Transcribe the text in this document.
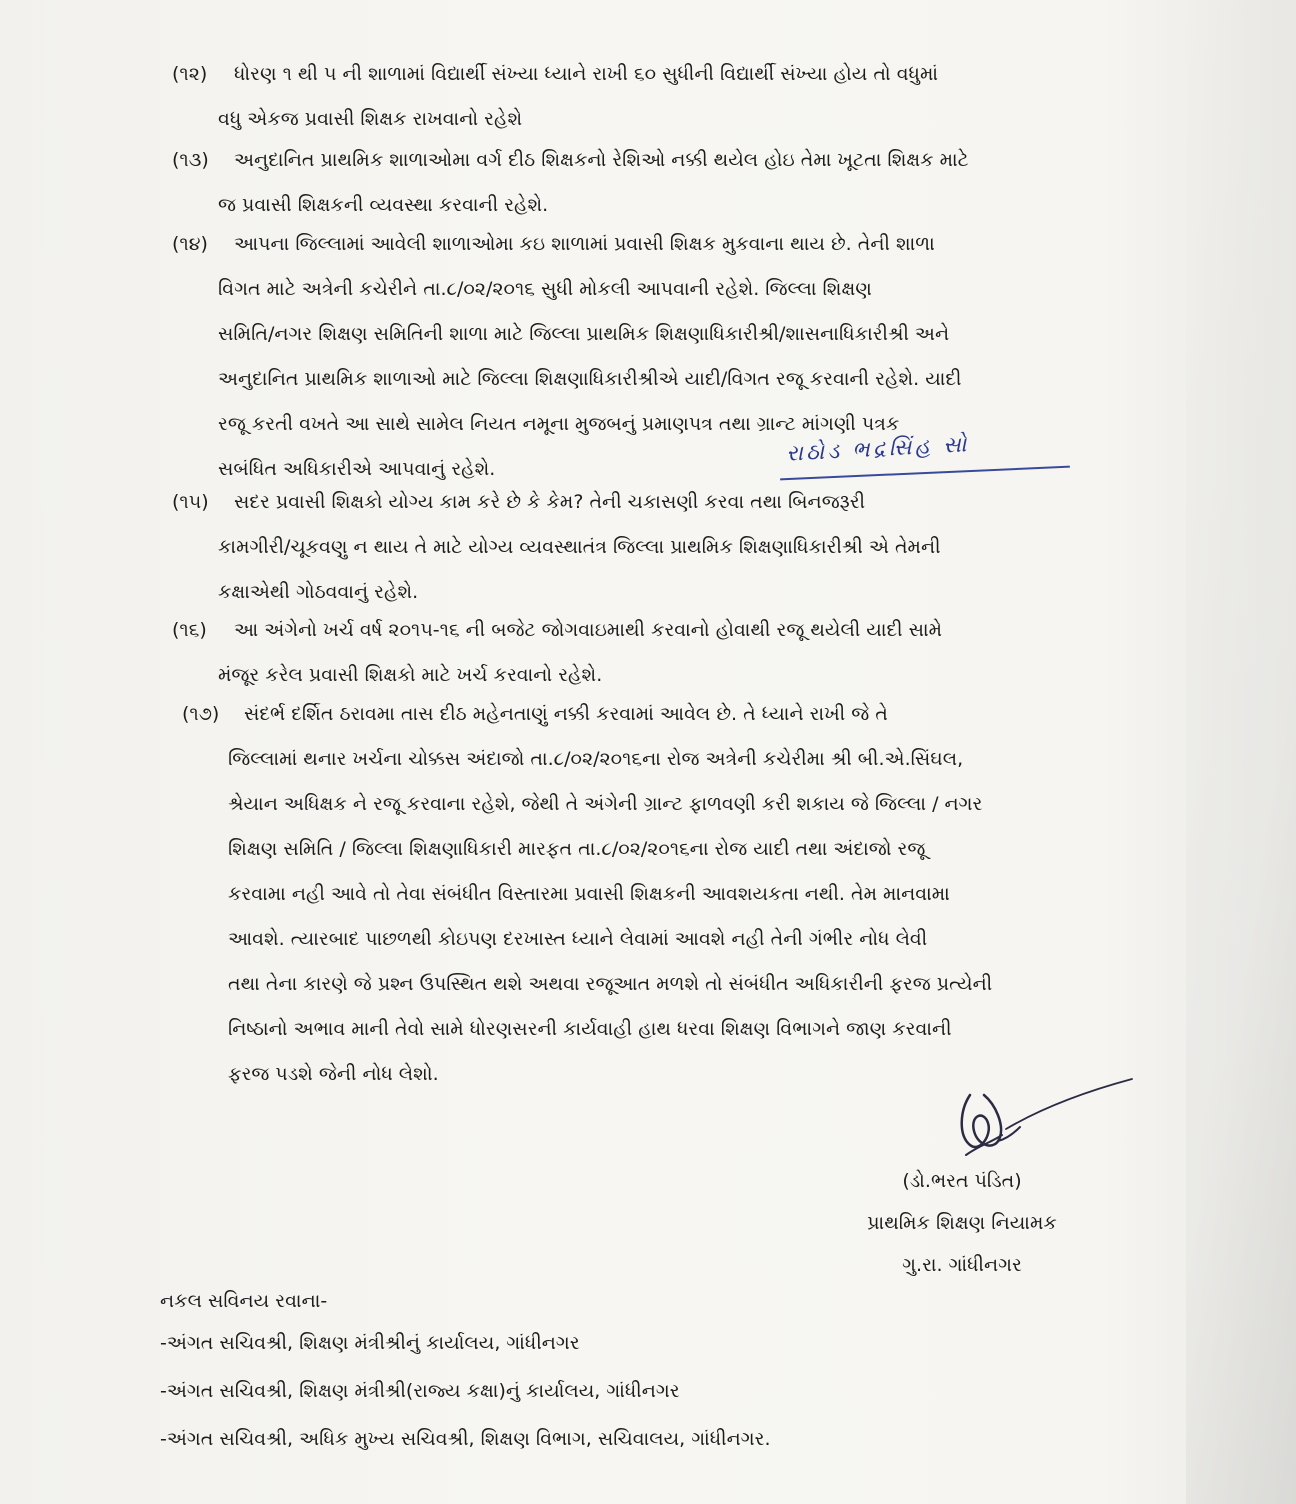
(૧૨) ધોરણ ૧ થી ૫ ની શાળામાં વિદ્યાર્થી સંખ્યા ધ્યાને રાખી ૬૦ સુધીની વિદ્યાર્થી સંખ્યા હોય તો વધુમાં
વધુ એકજ પ્રવાસી શિક્ષક રાખવાનો રહેશે
(૧૩) અનુદાનિત પ્રાથમિક શાળાઓમા વર્ગ દીઠ શિક્ષકનો રેશિઓ નક્કી થયેલ હોઇ તેમા ખૂટતા શિક્ષક માટે
જ પ્રવાસી શિક્ષકની વ્યવસ્થા કરવાની રહેશે.
(૧૪) આપના જિલ્લામાં આવેલી શાળાઓમા કઇ શાળામાં પ્રવાસી શિક્ષક મુકવાના થાય છે. તેની શાળા
વિગત માટે અત્રેની કચેરીને તા.૮/૦૨/૨૦૧૬ સુધી મોકલી આપવાની રહેશે. જિલ્લા શિક્ષણ
સમિતિ/નગર શિક્ષણ સમિતિની શાળા માટે જિલ્લા પ્રાથમિક શિક્ષણાધિકારીશ્રી/શાસનાધિકારીશ્રી અને
અનુદાનિત પ્રાથમિક શાળાઓ માટે જિલ્લા શિક્ષણાધિકારીશ્રીએ યાદી/વિગત રજૂ કરવાની રહેશે. યાદી
રજૂ કરતી વખતે આ સાથે સામેલ નિયત નમૂના મુજબનું પ્રમાણપત્ર તથા ગ્રાન્ટ માંગણી પત્રક
સબંધિત અધિકારીએ આપવાનું રહેશે.
રાઠોડ ભદ્રસિંહ સો
(૧૫) સદર પ્રવાસી શિક્ષકો યોગ્ય કામ કરે છે કે કેમ? તેની ચકાસણી કરવા તથા બિનજરૂરી
કામગીરી/ચૂકવણુ ન થાય તે માટે યોગ્ય વ્યવસ્થાતંત્ર જિલ્લા પ્રાથમિક શિક્ષણાધિકારીશ્રી એ તેમની
કક્ષાએથી ગોઠવવાનું રહેશે.
(૧૬) આ અંગેનો ખર્ચ વર્ષ ૨૦૧૫-૧૬ ની બજેટ જોગવાઇમાથી કરવાનો હોવાથી રજૂ થયેલી યાદી સામે
મંજૂર કરેલ પ્રવાસી શિક્ષકો માટે ખર્ચ કરવાનો રહેશે.
(૧૭) સંદર્ભ દર્શિત ઠરાવમા તાસ દીઠ મહેનતાણું નક્કી કરવામાં આવેલ છે. તે ધ્યાને રાખી જે તે
જિલ્લામાં થનાર ખર્ચના ચોક્કસ અંદાજો તા.૮/૦૨/૨૦૧૬ના રોજ અત્રેની કચેરીમા શ્રી બી.એ.સિંઘલ,
શ્રેયાન અધિક્ષક ને રજૂ કરવાના રહેશે, જેથી તે અંગેની ગ્રાન્ટ ફાળવણી કરી શકાય જે જિલ્લા / નગર
શિક્ષણ સમિતિ / જિલ્લા શિક્ષણાધિકારી મારફત તા.૮/૦૨/૨૦૧૬ના રોજ યાદી તથા અંદાજો રજૂ
કરવામા નહી આવે તો તેવા સંબંધીત વિસ્તારમા પ્રવાસી શિક્ષકની આવશયકતા નથી. તેમ માનવામા
આવશે. ત્યારબાદ પાછળથી કોઇપણ દરખાસ્ત ધ્યાને લેવામાં આવશે નહી તેની ગંભીર નોધ લેવી
તથા તેના કારણે જે પ્રશ્ન ઉપસ્થિત થશે અથવા રજૂઆત મળશે તો સંબંધીત અધિકારીની ફરજ પ્રત્યેની
નિષ્ઠાનો અભાવ માની તેવો સામે ધોરણસરની કાર્યવાહી હાથ ધરવા શિક્ષણ વિભાગને જાણ કરવાની
ફરજ પડશે જેની નોધ લેશો.
(ડો.ભરત પંડિત)
પ્રાથમિક શિક્ષણ નિયામક
ગુ.રા. ગાંધીનગર
નકલ સવિનય રવાના-
-અંગત સચિવશ્રી, શિક્ષણ મંત્રીશ્રીનું કાર્યાલય, ગાંધીનગર
-અંગત સચિવશ્રી, શિક્ષણ મંત્રીશ્રી(રાજ્ય કક્ષા)નું કાર્યાલય, ગાંધીનગર
-અંગત સચિવશ્રી, અધિક મુખ્ય સચિવશ્રી, શિક્ષણ વિભાગ, સચિવાલય, ગાંધીનગર.
